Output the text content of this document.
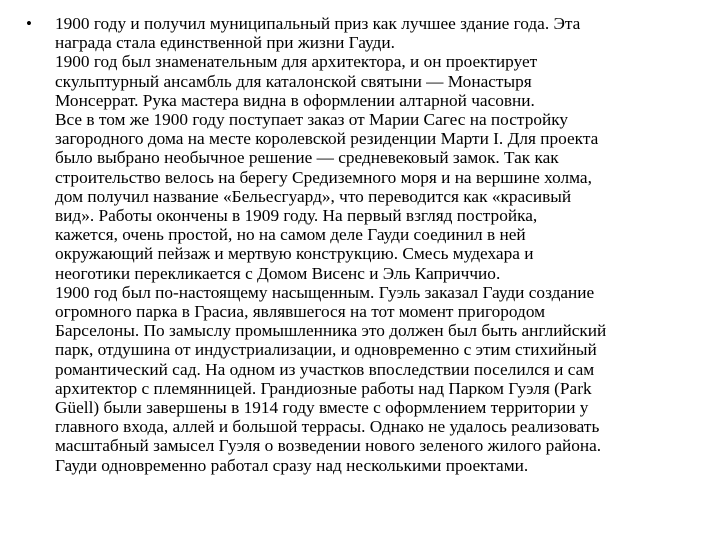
• 1900 году и получил муниципальный приз как лучшее здание года. Эта
награда стала единственной при жизни Гауди.
1900 год был знаменательным для архитектора, и он проектирует
скульптурный ансамбль для каталонской святыни — Монастыря
Монсеррат. Рука мастера видна в оформлении алтарной часовни.
Все в том же 1900 году поступает заказ от Марии Сагес на постройку
загородного дома на месте королевской резиденции Марти I. Для проекта
было выбрано необычное решение — средневековый замок. Так как
строительство велось на берегу Средиземного моря и на вершине холма,
дом получил название «Бельесгуард», что переводится как «красивый
вид». Работы окончены в 1909 году. На первый взгляд постройка,
кажется, очень простой, но на самом деле Гауди соединил в ней
окружающий пейзаж и мертвую конструкцию. Смесь мудехара и
неоготики перекликается с Домом Висенс и Эль Каприччио.
1900 год был по-настоящему насыщенным. Гуэль заказал Гауди создание
огромного парка в Грасиа, являвшегося на тот момент пригородом
Барселоны. По замыслу промышленника это должен был быть английский
парк, отдушина от индустриализации, и одновременно с этим стихийный
романтический сад. На одном из участков впоследствии поселился и сам
архитектор с племянницей. Грандиозные работы над Парком Гуэля (Park
Güell) были завершены в 1914 году вместе с оформлением территории у
главного входа, аллей и большой террасы. Однако не удалось реализовать
масштабный замысел Гуэля о возведении нового зеленого жилого района.
Гауди одновременно работал сразу над несколькими проектами.
